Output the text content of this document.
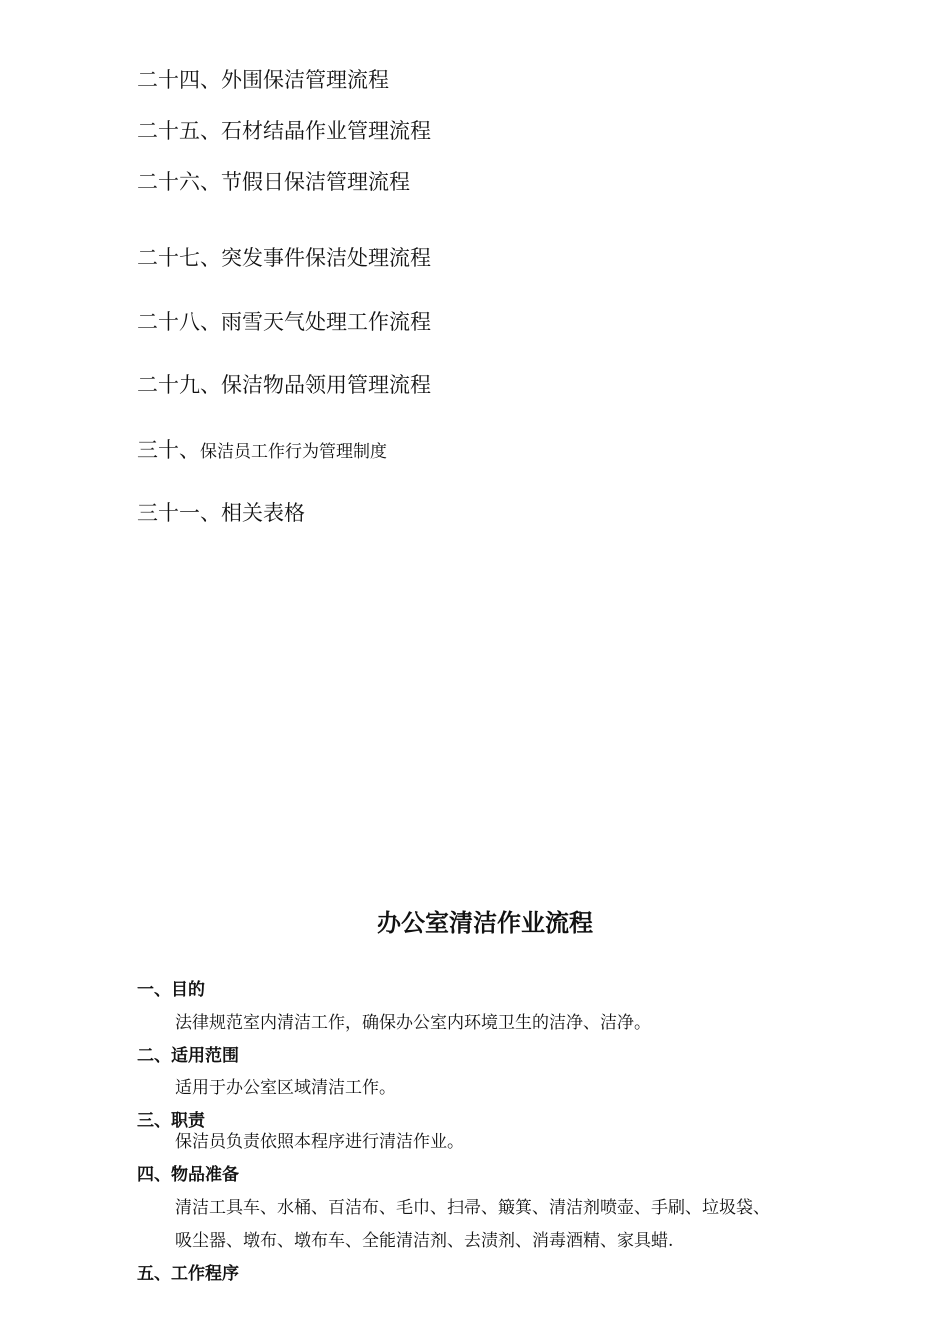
二十四、外围保洁管理流程
二十五、石材结晶作业管理流程
二十六、节假日保洁管理流程
二十七、突发事件保洁处理流程
二十八、雨雪天气处理工作流程
二十九、保洁物品领用管理流程
三十、保洁员工作行为管理制度
三十一、相关表格
办公室清洁作业流程
一、目的
法律规范室内清洁工作，确保办公室内环境卫生的洁净、洁净。
二、适用范围
适用于办公室区域清洁工作。
三、职责
保洁员负责依照本程序进行清洁作业。
四、物品准备
清洁工具车、水桶、百洁布、毛巾、扫帚、簸箕、清洁剂喷壶、手刷、垃圾袋、
吸尘器、墩布、墩布车、全能清洁剂、去渍剂、消毒酒精、家具蜡.
五、工作程序
